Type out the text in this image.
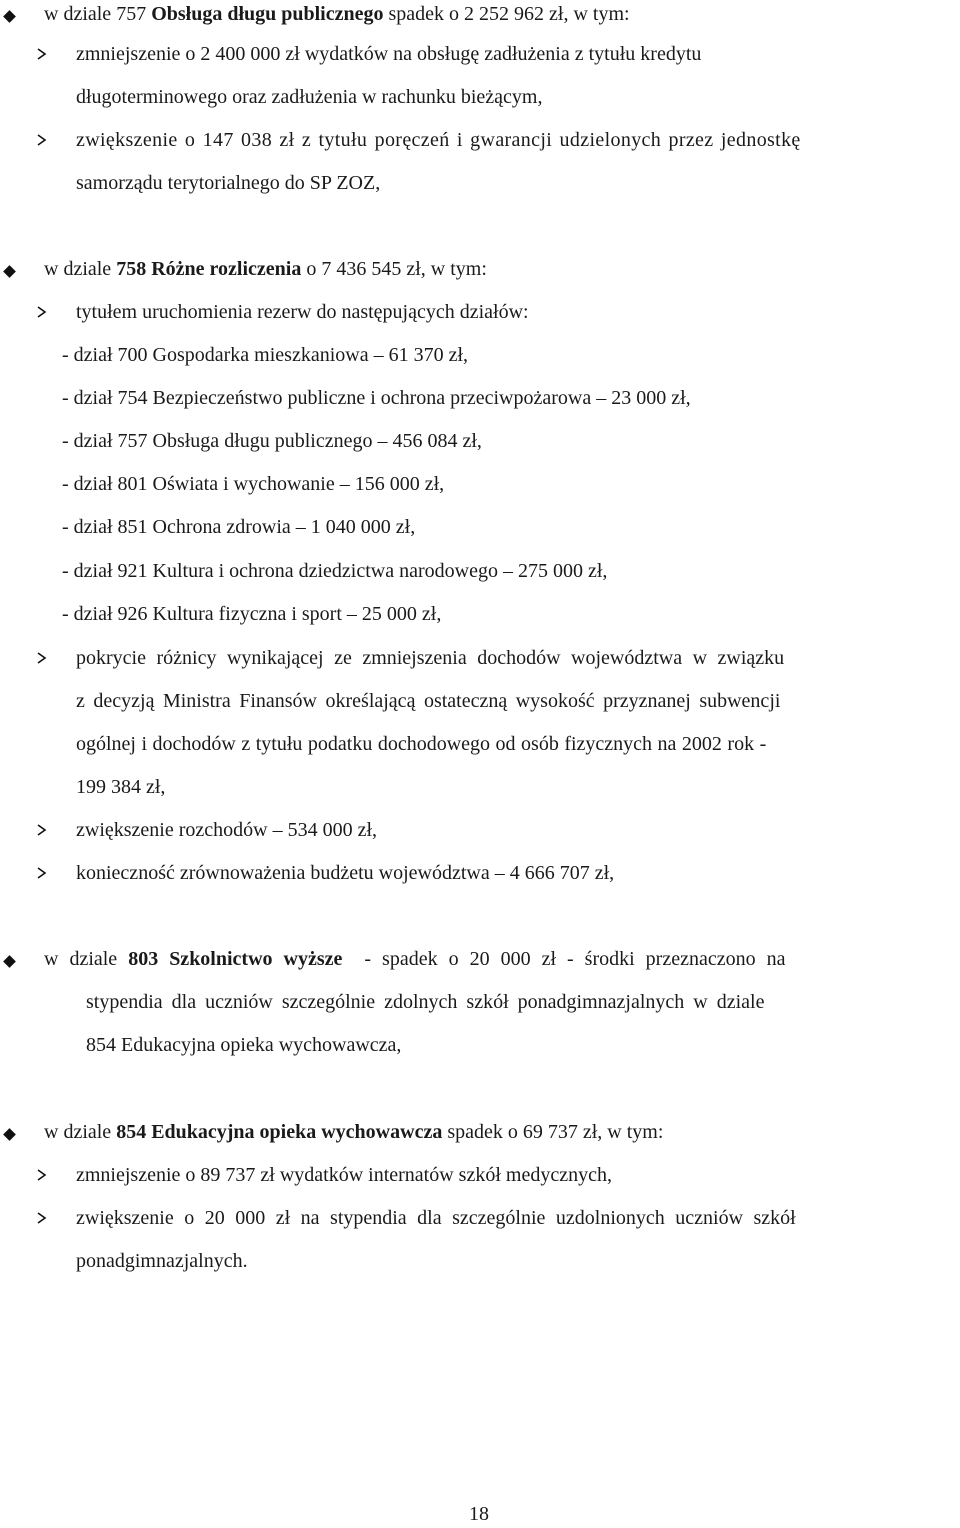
w dziale 757 Obsługa długu publicznego spadek o 2 252 962 zł, w tym:
zmniejszenie o 2 400 000 zł wydatków na obsługę zadłużenia z tytułu kredytu
długoterminowego oraz zadłużenia w rachunku bieżącym,
zwiększenie o 147 038 zł z tytułu poręczeń i gwarancji udzielonych przez jednostkę
samorządu terytorialnego do SP ZOZ,
w dziale 758 Różne rozliczenia o 7 436 545 zł, w tym:
tytułem uruchomienia rezerw do następujących działów:
- dział 700 Gospodarka mieszkaniowa – 61 370 zł,
- dział 754 Bezpieczeństwo publiczne i ochrona przeciwpożarowa – 23 000 zł,
- dział 757 Obsługa długu publicznego – 456 084 zł,
- dział 801 Oświata i wychowanie – 156 000 zł,
- dział 851 Ochrona zdrowia – 1 040 000 zł,
- dział 921 Kultura i ochrona dziedzictwa narodowego – 275 000 zł,
- dział 926 Kultura fizyczna i sport – 25 000 zł,
pokrycie różnicy wynikającej ze zmniejszenia dochodów województwa w związku
z decyzją Ministra Finansów określającą ostateczną wysokość przyznanej subwencji
ogólnej i dochodów z tytułu podatku dochodowego od osób fizycznych na 2002 rok -
199 384 zł,
zwiększenie rozchodów – 534 000 zł,
konieczność zrównoważenia budżetu województwa – 4 666 707 zł,
w dziale 803 Szkolnictwo wyższe  - spadek o 20 000 zł - środki przeznaczono na
stypendia dla uczniów szczególnie zdolnych szkół ponadgimnazjalnych w dziale
854 Edukacyjna opieka wychowawcza,
w dziale 854 Edukacyjna opieka wychowawcza spadek o 69 737 zł, w tym:
zmniejszenie o 89 737 zł wydatków internatów szkół medycznych,
zwiększenie o 20 000 zł na stypendia dla szczególnie uzdolnionych uczniów szkół
ponadgimnazjalnych.
18
